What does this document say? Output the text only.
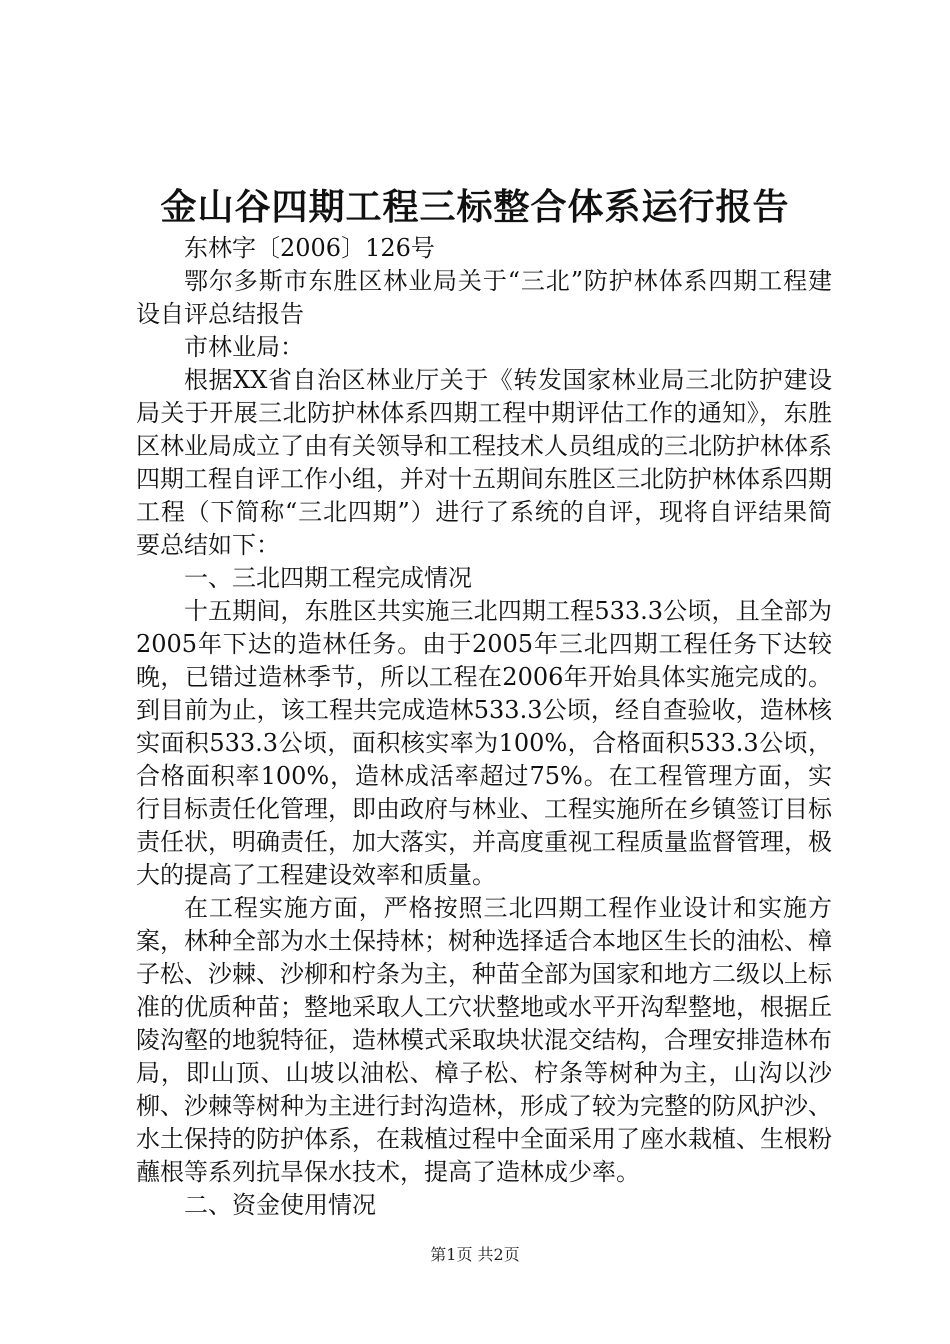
金山谷四期工程三标整合体系运行报告

东林字〔2006〕126号

鄂尔多斯市东胜区林业局关于“三北”防护林体系四期工程建设自评总结报告

市林业局：

根据XX省自治区林业厅关于《转发国家林业局三北防护建设局关于开展三北防护林体系四期工程中期评估工作的通知》，东胜区林业局成立了由有关领导和工程技术人员组成的三北防护林体系四期工程自评工作小组，并对十五期间东胜区三北防护林体系四期工程（下简称“三北四期”）进行了系统的自评，现将自评结果简要总结如下：

一、三北四期工程完成情况

十五期间，东胜区共实施三北四期工程533.3公顷，且全部为2005年下达的造林任务。由于2005年三北四期工程任务下达较晚，已错过造林季节，所以工程在2006年开始具体实施完成的。到目前为止，该工程共完成造林533.3公顷，经自查验收，造林核实面积533.3公顷，面积核实率为100%，合格面积533.3公顷，合格面积率100%，造林成活率超过75%。在工程管理方面，实行目标责任化管理，即由政府与林业、工程实施所在乡镇签订目标责任状，明确责任，加大落实，并高度重视工程质量监督管理，极大的提高了工程建设效率和质量。

在工程实施方面，严格按照三北四期工程作业设计和实施方案，林种全部为水土保持林；树种选择适合本地区生长的油松、樟子松、沙棘、沙柳和柠条为主，种苗全部为国家和地方二级以上标准的优质种苗；整地采取人工穴状整地或水平开沟犁整地，根据丘陵沟壑的地貌特征，造林模式采取块状混交结构，合理安排造林布局，即山顶、山坡以油松、樟子松、柠条等树种为主，山沟以沙柳、沙棘等树种为主进行封沟造林，形成了较为完整的防风护沙、水土保持的防护体系，在栽植过程中全面采用了座水栽植、生根粉蘸根等系列抗旱保水技术，提高了造林成少率。

二、资金使用情况

第1页 共2页
